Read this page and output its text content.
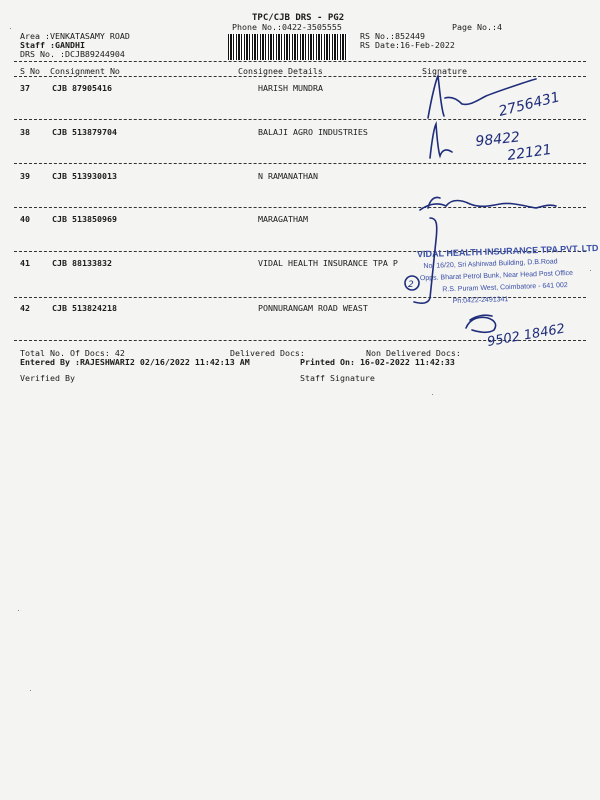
TPC/CJB DRS - PG2
Phone No.:0422-3505555	Page No.:4
Area :VENKATASAMY ROAD
Staff :GANDHI
DRS No. :DCJB89244904
RS No.:852449
RS Date:16-Feb-2022
S No Consignment No	Consignee Details	Signature
37	CJB 87905416	HARISH MUNDRA
38	CJB 513879704	BALAJI AGRO INDUSTRIES
39	CJB 513930013	N RAMANATHAN
40	CJB 513850969	MARAGATHAM
41	CJB 88133832	VIDAL HEALTH INSURANCE TPA P
42	CJB 513824218	PONNURANGAM ROAD WEAST
VIDAL HEALTH INSURANCE TPA PVT. LTD
No. 16/20, Sri Ashirwad Building, D.B.Road
Opps. Bharat Petrol Bunk, Near Head Post Office
R.S. Puram West, Coimbatore - 641 002
Ph:0422-2491341
2756431
98422
22121
2
9502 18462
Total No. Of Docs: 42	Delivered Docs:	Non Delivered Docs:
Entered By :RAJESHWARI2 02/16/2022 11:42:13 AM	Printed On: 16-02-2022 11:42:33
Verified By	Staff Signature
